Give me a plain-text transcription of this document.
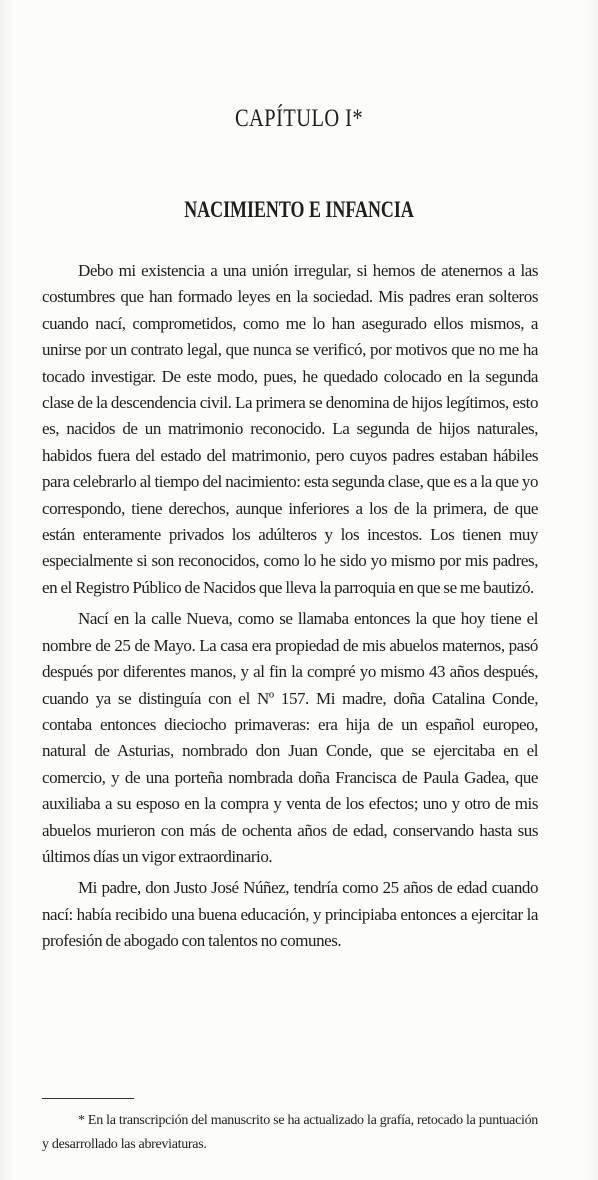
CAPÍTULO I*
NACIMIENTO E INFANCIA

Debo mi existencia a una unión irregular, si hemos de atenernos a las costumbres que han formado leyes en la sociedad. Mis padres eran solteros cuando nací, comprometidos, como me lo han asegurado ellos mismos, a unirse por un contrato legal, que nunca se verificó, por motivos que no me ha tocado investigar. De este modo, pues, he quedado colocado en la segunda clase de la descendencia civil. La primera se denomina de hijos legítimos, esto es, nacidos de un matrimonio reconocido. La segunda de hijos naturales, habidos fuera del estado del matrimonio, pero cuyos padres estaban hábiles para celebrarlo al tiempo del nacimiento: esta segunda clase, que es a la que yo correspondo, tiene derechos, aunque inferiores a los de la primera, de que están enteramente privados los adúlteros y los incestos. Los tienen muy especialmente si son reconocidos, como lo he sido yo mismo por mis padres, en el Registro Público de Nacidos que lleva la parroquia en que se me bautizó.

Nací en la calle Nueva, como se llamaba entonces la que hoy tiene el nombre de 25 de Mayo. La casa era propiedad de mis abuelos maternos, pasó después por diferentes manos, y al fin la compré yo mismo 43 años después, cuando ya se distinguía con el Nº 157. Mi madre, doña Catalina Conde, contaba entonces dieciocho primaveras: era hija de un español europeo, natural de Asturias, nombrado don Juan Conde, que se ejercitaba en el comercio, y de una porteña nombrada doña Francisca de Paula Gadea, que auxiliaba a su esposo en la compra y venta de los efectos; uno y otro de mis abuelos murieron con más de ochenta años de edad, conservando hasta sus últimos días un vigor extraordinario.

Mi padre, don Justo José Núñez, tendría como 25 años de edad cuando nací: había recibido una buena educación, y principiaba entonces a ejercitar la profesión de abogado con talentos no comunes.

* En la transcripción del manuscrito se ha actualizado la grafía, retocado la puntuación y desarrollado las abreviaturas.
